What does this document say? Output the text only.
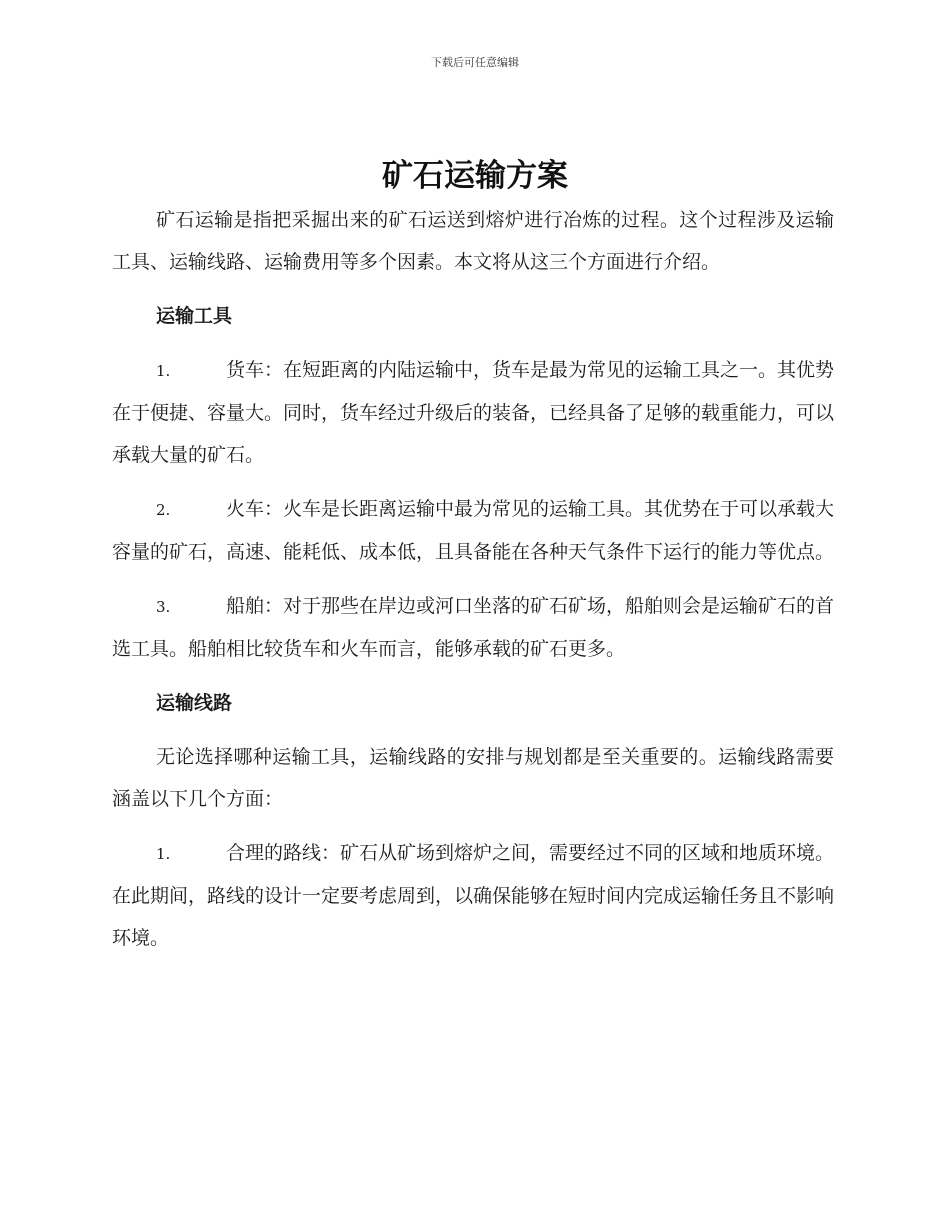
下载后可任意编辑
矿石运输方案

矿石运输是指把采掘出来的矿石运送到熔炉进行冶炼的过程。这个过程涉及运输工具、运输线路、运输费用等多个因素。本文将从这三个方面进行介绍。

运输工具

1.	货车：在短距离的内陆运输中，货车是最为常见的运输工具之一。其优势在于便捷、容量大。同时，货车经过升级后的装备，已经具备了足够的载重能力，可以承载大量的矿石。

2.	火车：火车是长距离运输中最为常见的运输工具。其优势在于可以承载大容量的矿石，高速、能耗低、成本低，且具备能在各种天气条件下运行的能力等优点。

3.	船舶：对于那些在岸边或河口坐落的矿石矿场，船舶则会是运输矿石的首选工具。船舶相比较货车和火车而言，能够承载的矿石更多。

运输线路

无论选择哪种运输工具，运输线路的安排与规划都是至关重要的。运输线路需要涵盖以下几个方面：

1.	合理的路线：矿石从矿场到熔炉之间，需要经过不同的区域和地质环境。在此期间，路线的设计一定要考虑周到，以确保能够在短时间内完成运输任务且不影响环境。
